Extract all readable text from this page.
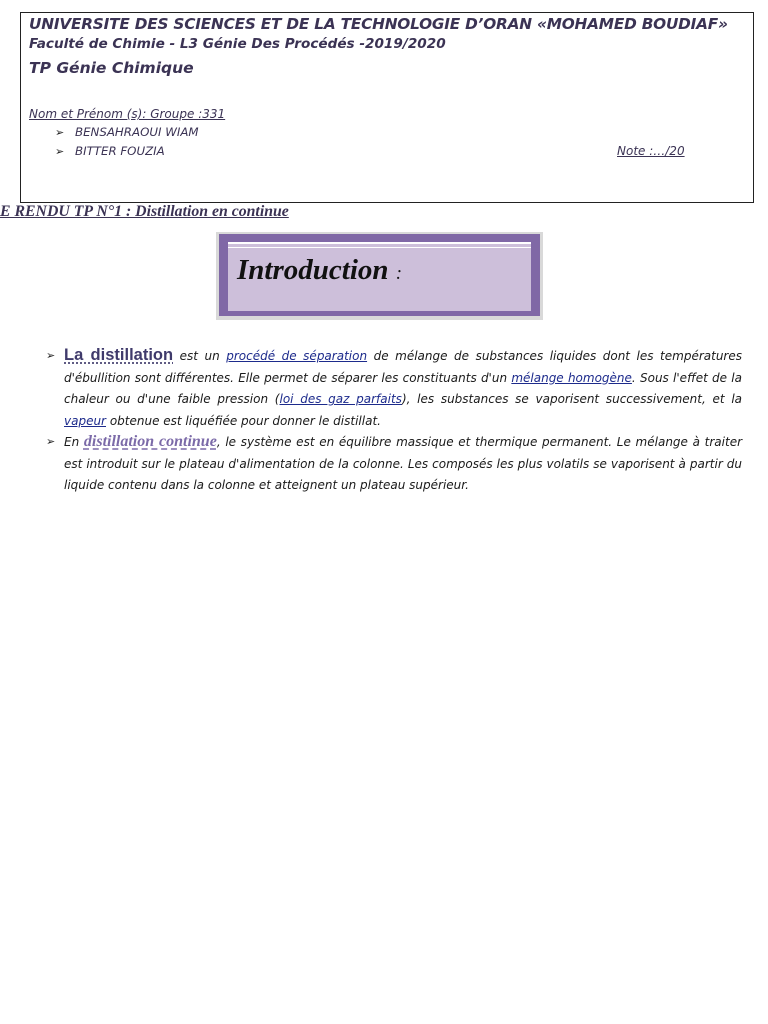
UNIVERSITE DES SCIENCES ET DE LA TECHNOLOGIE D’ORAN «MOHAMED BOUDIAF»
Faculté de Chimie - L3 Génie Des Procédés -2019/2020
TP Génie Chimique
Nom et Prénom (s): Groupe :331
➢ BENSAHRAOUI WIAM
➢ BITTER FOUZIA	Note :…/20
E RENDU TP N°1 : Distillation en continue
Introduction :
➢ La distillation est un procédé de séparation de mélange de substances liquides dont les températures d'ébullition sont différentes. Elle permet de séparer les constituants d'un mélange homogène. Sous l'effet de la chaleur ou d'une faible pression (loi des gaz parfaits), les substances se vaporisent successivement, et la vapeur obtenue est liquéfiée pour donner le distillat.
➢ En distillation continue, le système est en équilibre massique et thermique permanent. Le mélange à traiter est introduit sur le plateau d'alimentation de la colonne. Les composés les plus volatils se vaporisent à partir du liquide contenu dans la colonne et atteignent un plateau supérieur.
